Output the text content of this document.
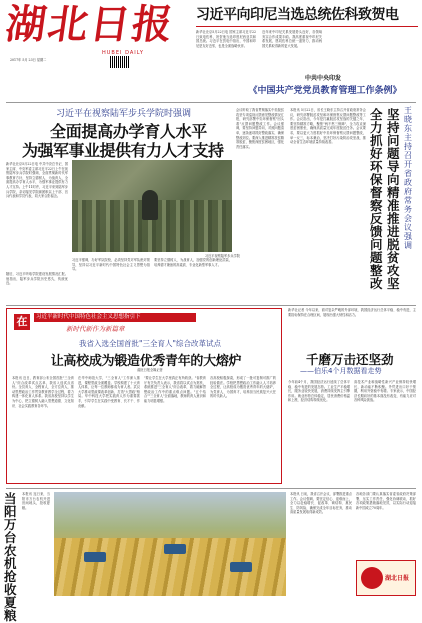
湖北日报
HUBEI DAILY
2017年 5月 23日 星期二
习近平向印尼当选总统佐科致贺电
新华社北京5月22日电 国家主席习近平22日致电佐科，祝贺他当选印度尼西亚共和国总统。习近平在贺电中指出，中国和印尼是友好近邻，也是全面战略伙伴。
近年来中印尼关系发展势头良好，各领域务实合作成果丰硕。我高度重视中印尼关系发展，愿同佐科总统一道努力，推动两国关系取得新的更大发展。
中共中央印发
《中国共产党党员教育管理工作条例》
习近平在视察陆军步兵学院时强调
全面提高办学育人水平
为强军事业提供有力人才支持
新华社北京5月22日电 中共中央总书记、国家主席、中央军委主席习近平22日上午在视察陆军步兵学院时强调，全面贯彻新时代军事教育方针，坚持立德树人、为战育人，全面提高办学育人水平，为强军事业提供有力人才支持。上午11时许，习近平来到陆军步兵学院，亲切接见学院副团职以上干部、官兵代表和学员代表，同大家合影留念。
随后，习近平听取学院建设发展情况汇报。他指出，陆军步兵学院历史悠久，传统优良。
习近平视察陆军步兵学院
习近平强调，办好军队院校，必须坚持党对军队绝对领导，坚持以习近平新时代中国特色社会主义思想为指导。
要坚持立德树人、为战育人，加强党的创新理论武装，培养德才兼备的高素质、专业化新型军事人才。
会议听取了我省贯彻落实中央脱贫攻坚专项巡视反馈意见整改情况汇报，研究部署中央环保督察"回头看"反馈问题整改工作。会议强调，要坚持问题导向，对照问题清单，逐条逐项抓好整改落实，确保整改到位。要深入推进精准扶贫精准脱贫，聚焦深度贫困地区，强化责任落实。
王晓东主持召开省政府常务会议强调
坚持问题导向精准推进脱贫攻坚
全力抓好环保督察反馈问题整改
本报讯 5月22日，省长王晓东主持召开省政府常务会议，研究部署脱贫攻坚和环保督察反馈问题整改等工作。会议指出，今年是打赢脱贫攻坚战的关键之年，要坚持精准方略，聚焦"两不愁三保障"，全力攻克深度贫困堡垒，确保高质量完成年度脱贫任务。会议要求，要以更大力度抓好中央环保督察反馈问题整改，举一反三，标本兼治，坚决打好污染防治攻坚战，推动全省生态环境质量持续改善。
在	习近平新时代中国特色社会主义思想指引下
新时代新作为新篇章
我省入选全国首批"三全育人"综合改革试点
让高校成为锻造优秀青年的大熔炉
湖北日报全媒记者
本报讯 近日，教育部公布全国首批"三全育人"综合改革试点名单，我省入选试点省份。全员育人、全程育人、全方位育人，推动思想政治工作贯穿教育教学全过程，着力构建一体化育人体系。我省高校坚持以学生为中心，把立德树人融入思想道德、文化知识、社会实践教育各环节。
在华中师范大学，"三全育人"工作深入推进，课程思政全面覆盖。学校构建了十大育人体系，让每一位教师都成为育人者。武汉大学推动思政课改革创新，打造"大思政"格局。华中科技大学把实践育人作为重要抓手，引导学生在实践中受教育、长才干、作贡献。
"要让学生在大学里真正有所收获。"省教育厅有关负责人表示，我省将以试点为契机，系统推进"三全育人"综合改革，着力破解思想政治工作中的重点难点问题。"五个结合""三全育人"全面落地，教师的育人意识和能力明显增强。
各高校积极探索，形成了一批可复制可推广的经验做法。学校把思想政治工作融入人才培养全过程，让高校成为锻造优秀青年的大熔炉，为党育人、为国育才，培养担当民族复兴大任的时代新人。
新华社记者 今年以来，面对复杂严峻的外部环境，我国经济运行总体平稳、稳中有进，主要指标保持在合理区间，展现出强大韧性和活力。
千磨万击还坚劲
——伯乐4个月数据看走势
今年前4个月，我国经济运行延续了总体平稳、稳中有进的发展态势。工业生产平稳增长，服务业较快发展，消费持续发挥主引擎作用。就业形势总体稳定，居民消费价格温和上涨，经济结构持续优化。
高技术产业和战略性新兴产业保持较快增长，新动能不断积聚。外贸进出口好于预期，利用外资稳中有增。专家表示，中国经济长期向好的基本面没有改变，有能力应对各种风险挑战。
当阳万台农机抢收夏粮
本报讯 连日来，当阳市万台农机开进田间地头，抢收夏粮。
本报讯 日前，我省召开会议，部署推进重点工作。会议强调，要坚定信心、迎难而上，全力以赴稳增长、促改革、调结构、惠民生、防风险，确保完成全年目标任务，推动高质量发展取得新成效。
各地各部门要认真落实省委省政府决策部署，压实工作责任，强化协调联动，抓好各项政策措施落地见效，以实际行动迎接新中国成立70周年。
湖北日报
